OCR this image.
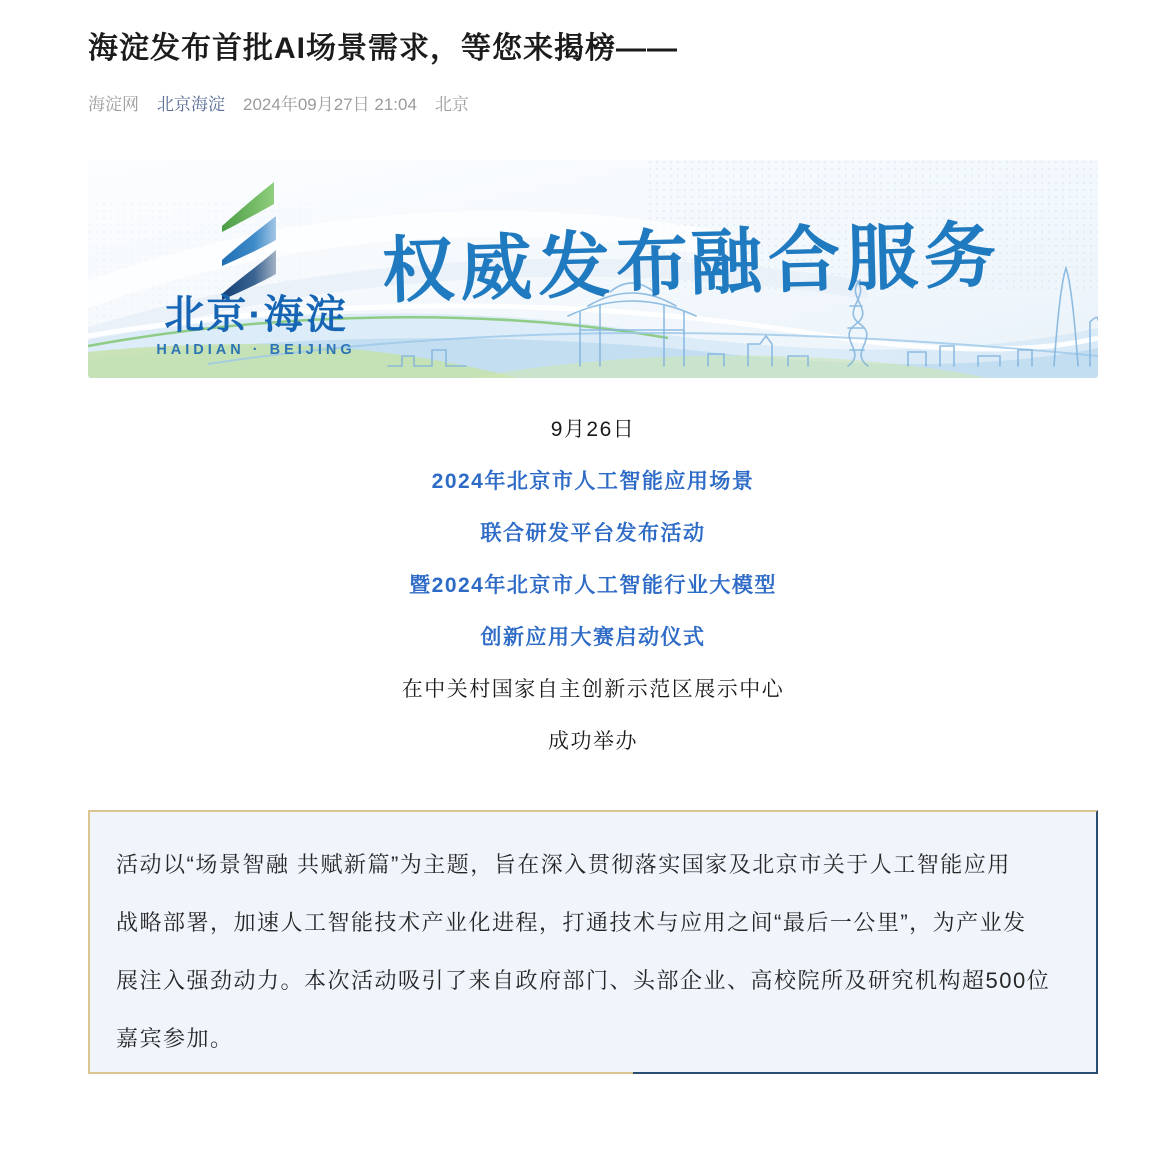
海淀发布首批AI场景需求，等您来揭榜——
海淀网 北京海淀 2024年09月27日 21:04 北京
北京·海淀
HAIDIAN · BEIJING
权威发布
融合服务

9月26日

2024年北京市人工智能应用场景

联合研发平台发布活动

暨2024年北京市人工智能行业大模型

创新应用大赛启动仪式

在中关村国家自主创新示范区展示中心

成功举办

活动以“场景智融 共赋新篇”为主题，旨在深入贯彻落实国家及北京市关于人工智能应用

战略部署，加速人工智能技术产业化进程，打通技术与应用之间“最后一公里”，为产业发

展注入强劲动力。本次活动吸引了来自政府部门、头部企业、高校院所及研究机构超500位

嘉宾参加。
